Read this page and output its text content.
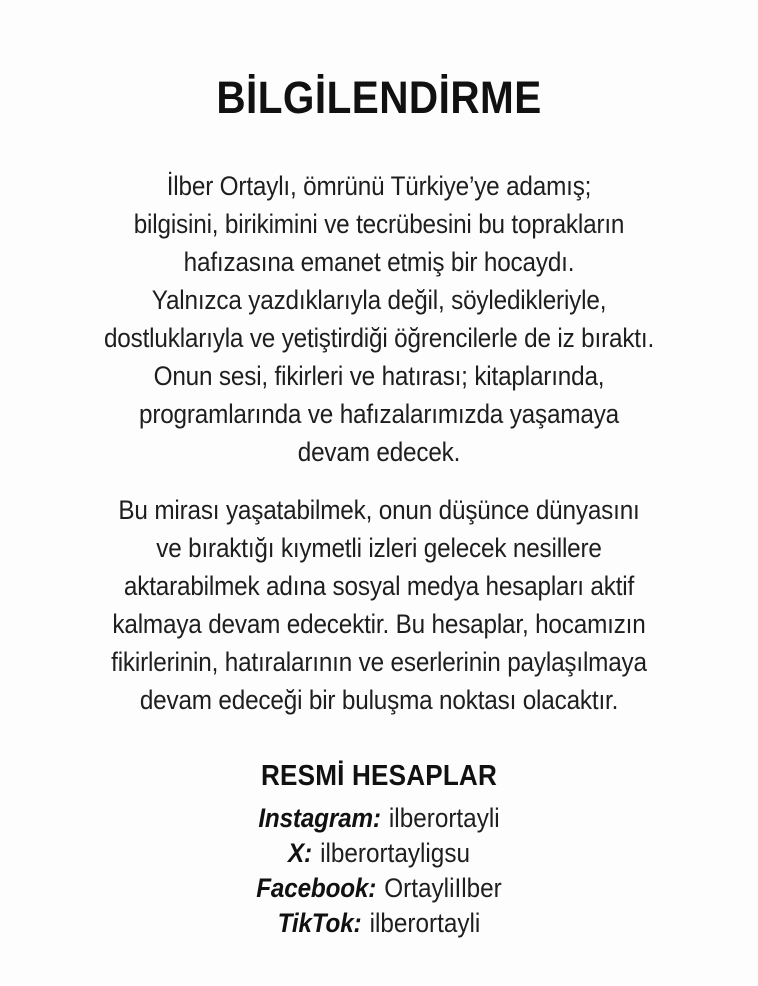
BİLGİLENDİRME
İlber Ortaylı, ömrünü Türkiye’ye adamış;
bilgisini, birikimini ve tecrübesini bu toprakların
hafızasına emanet etmiş bir hocaydı.
Yalnızca yazdıklarıyla değil, söyledikleriyle,
dostluklarıyla ve yetiştirdiği öğrencilerle de iz bıraktı.
Onun sesi, fikirleri ve hatırası; kitaplarında,
programlarında ve hafızalarımızda yaşamaya
devam edecek.
Bu mirası yaşatabilmek, onun düşünce dünyasını
ve bıraktığı kıymetli izleri gelecek nesillere
aktarabilmek adına sosyal medya hesapları aktif
kalmaya devam edecektir. Bu hesaplar, hocamızın
fikirlerinin, hatıralarının ve eserlerinin paylaşılmaya
devam edeceği bir buluşma noktası olacaktır.
RESMİ HESAPLAR
Instagram: ilberortayli
X: ilberortayligsu
Facebook: OrtayliIlber
TikTok: ilberortayli
